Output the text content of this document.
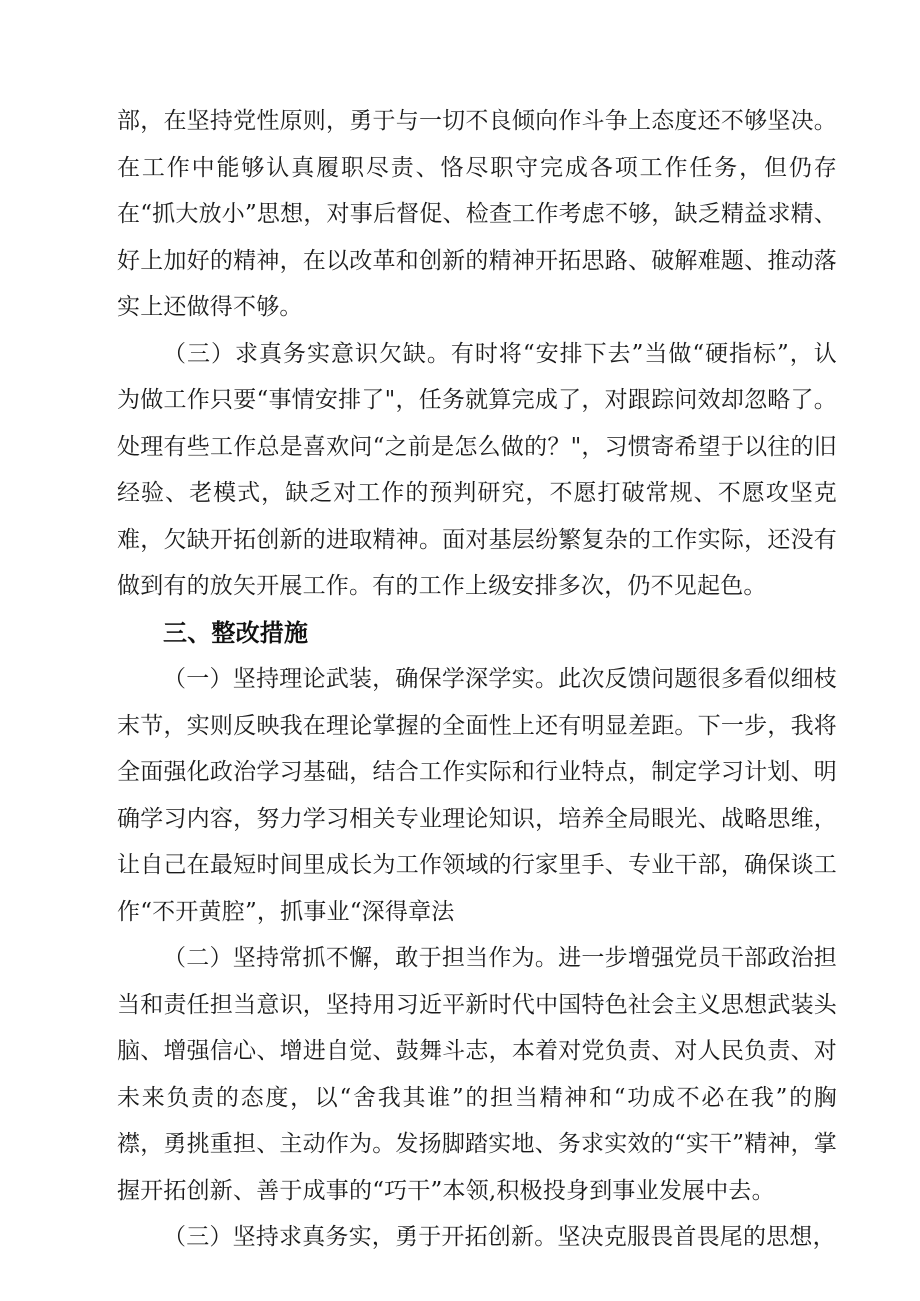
部，在坚持党性原则，勇于与一切不良倾向作斗争上态度还不够坚决。在工作中能够认真履职尽责、恪尽职守完成各项工作任务，但仍存在“抓大放小”思想，对事后督促、检查工作考虑不够，缺乏精益求精、好上加好的精神，在以改革和创新的精神开拓思路、破解难题、推动落实上还做得不够。

（三）求真务实意识欠缺。有时将“安排下去”当做“硬指标”，认为做工作只要“事情安排了"，任务就算完成了，对跟踪问效却忽略了。处理有些工作总是喜欢问“之前是怎么做的？"，习惯寄希望于以往的旧经验、老模式，缺乏对工作的预判研究，不愿打破常规、不愿攻坚克难，欠缺开拓创新的进取精神。面对基层纷繁复杂的工作实际，还没有做到有的放矢开展工作。有的工作上级安排多次，仍不见起色。

三、整改措施

（一）坚持理论武装，确保学深学实。此次反馈问题很多看似细枝末节，实则反映我在理论掌握的全面性上还有明显差距。下一步，我将全面强化政治学习基础，结合工作实际和行业特点，制定学习计划、明确学习内容，努力学习相关专业理论知识，培养全局眼光、战略思维，让自己在最短时间里成长为工作领域的行家里手、专业干部，确保谈工作“不开黄腔”，抓事业“深得章法

（二）坚持常抓不懈，敢于担当作为。进一步增强党员干部政治担当和责任担当意识，坚持用习近平新时代中国特色社会主义思想武装头脑、增强信心、增进自觉、鼓舞斗志，本着对党负责、对人民负责、对未来负责的态度，以“舍我其谁”的担当精神和“功成不必在我”的胸襟，勇挑重担、主动作为。发扬脚踏实地、务求实效的“实干”精神，掌握开拓创新、善于成事的“巧干”本领,积极投身到事业发展中去。

（三）坚持求真务实，勇于开拓创新。坚决克服畏首畏尾的思想，
